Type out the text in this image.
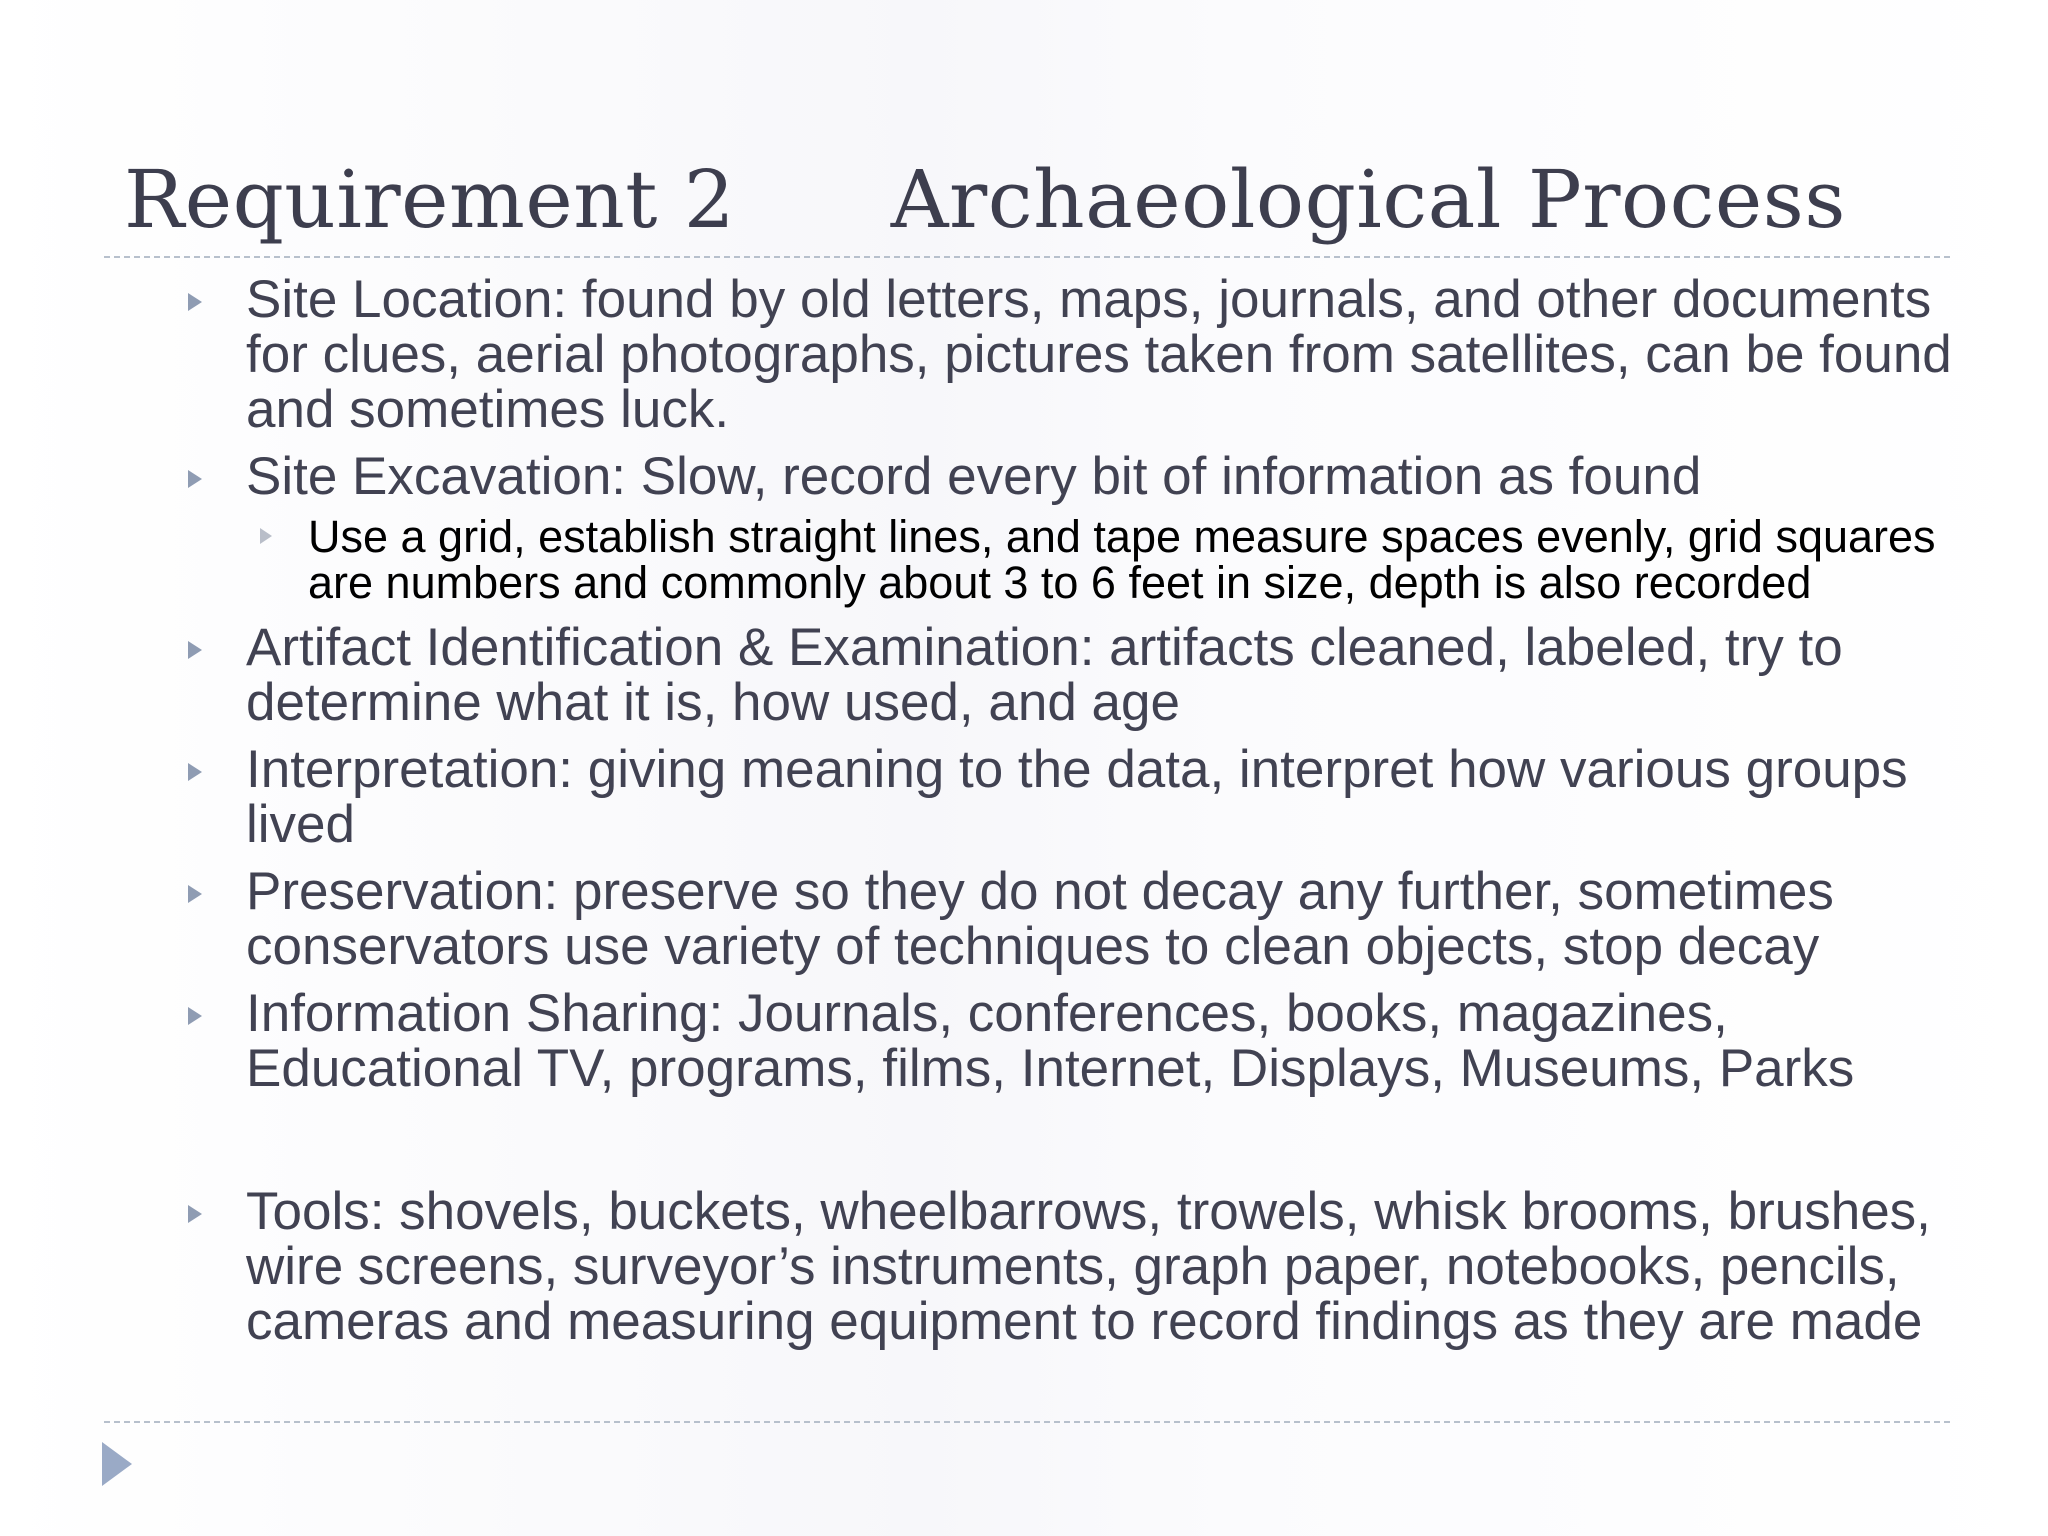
Requirement 2      Archaeological Process
Site Location: found by old letters, maps, journals, and other documents for clues, aerial photographs, pictures taken from satellites, can be found and sometimes luck.
Site Excavation: Slow, record every bit of information as found
Use a grid, establish straight lines, and tape measure spaces evenly, grid squares are numbers and commonly about 3 to 6 feet in size, depth is also recorded
Artifact Identification & Examination: artifacts cleaned, labeled, try to determine what it is, how used, and age
Interpretation: giving meaning to the data, interpret how various groups lived
Preservation: preserve so they do not decay any further, sometimes conservators use variety of techniques to clean objects, stop decay
Information Sharing: Journals, conferences, books, magazines, Educational TV, programs, films, Internet, Displays, Museums, Parks
Tools: shovels, buckets, wheelbarrows, trowels, whisk brooms, brushes, wire screens, surveyor’s instruments, graph paper, notebooks, pencils, cameras and measuring equipment to record findings as they are made
